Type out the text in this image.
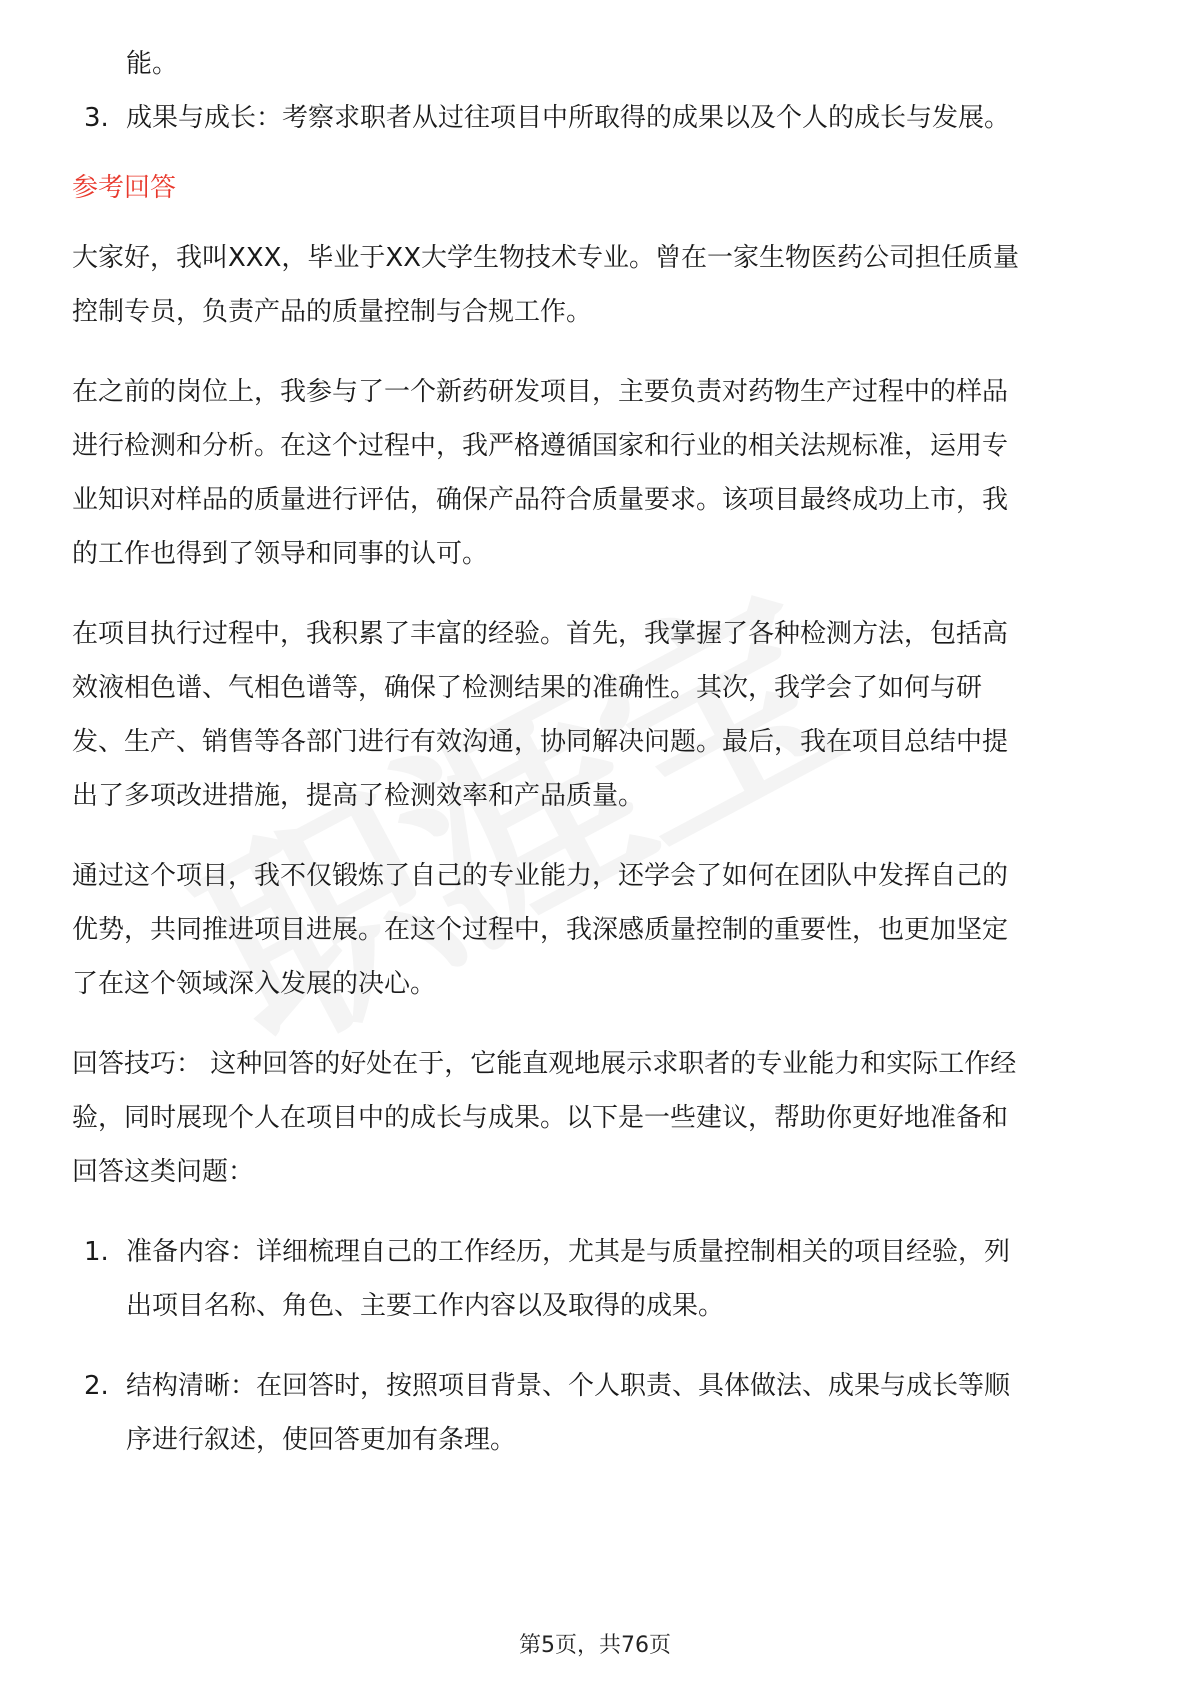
能。
3. 成果与成长：考察求职者从过往项目中所取得的成果以及个人的成长与发展。
参考回答
大家好，我叫XXX，毕业于XX大学生物技术专业。曾在一家生物医药公司担任质量
控制专员，负责产品的质量控制与合规工作。
在之前的岗位上，我参与了一个新药研发项目，主要负责对药物生产过程中的样品
进行检测和分析。在这个过程中，我严格遵循国家和行业的相关法规标准，运用专
业知识对样品的质量进行评估，确保产品符合质量要求。该项目最终成功上市，我
的工作也得到了领导和同事的认可。
在项目执行过程中，我积累了丰富的经验。首先，我掌握了各种检测方法，包括高
效液相色谱、气相色谱等，确保了检测结果的准确性。其次，我学会了如何与研
发、生产、销售等各部门进行有效沟通，协同解决问题。最后，我在项目总结中提
出了多项改进措施，提高了检测效率和产品质量。
通过这个项目，我不仅锻炼了自己的专业能力，还学会了如何在团队中发挥自己的
优势，共同推进项目进展。在这个过程中，我深感质量控制的重要性，也更加坚定
了在这个领域深入发展的决心。
回答技巧： 这种回答的好处在于，它能直观地展示求职者的专业能力和实际工作经
验，同时展现个人在项目中的成长与成果。以下是一些建议，帮助你更好地准备和
回答这类问题：
1. 准备内容：详细梳理自己的工作经历，尤其是与质量控制相关的项目经验，列
出项目名称、角色、主要工作内容以及取得的成果。
2. 结构清晰：在回答时，按照项目背景、个人职责、具体做法、成果与成长等顺
序进行叙述，使回答更加有条理。
第5页，共76页
